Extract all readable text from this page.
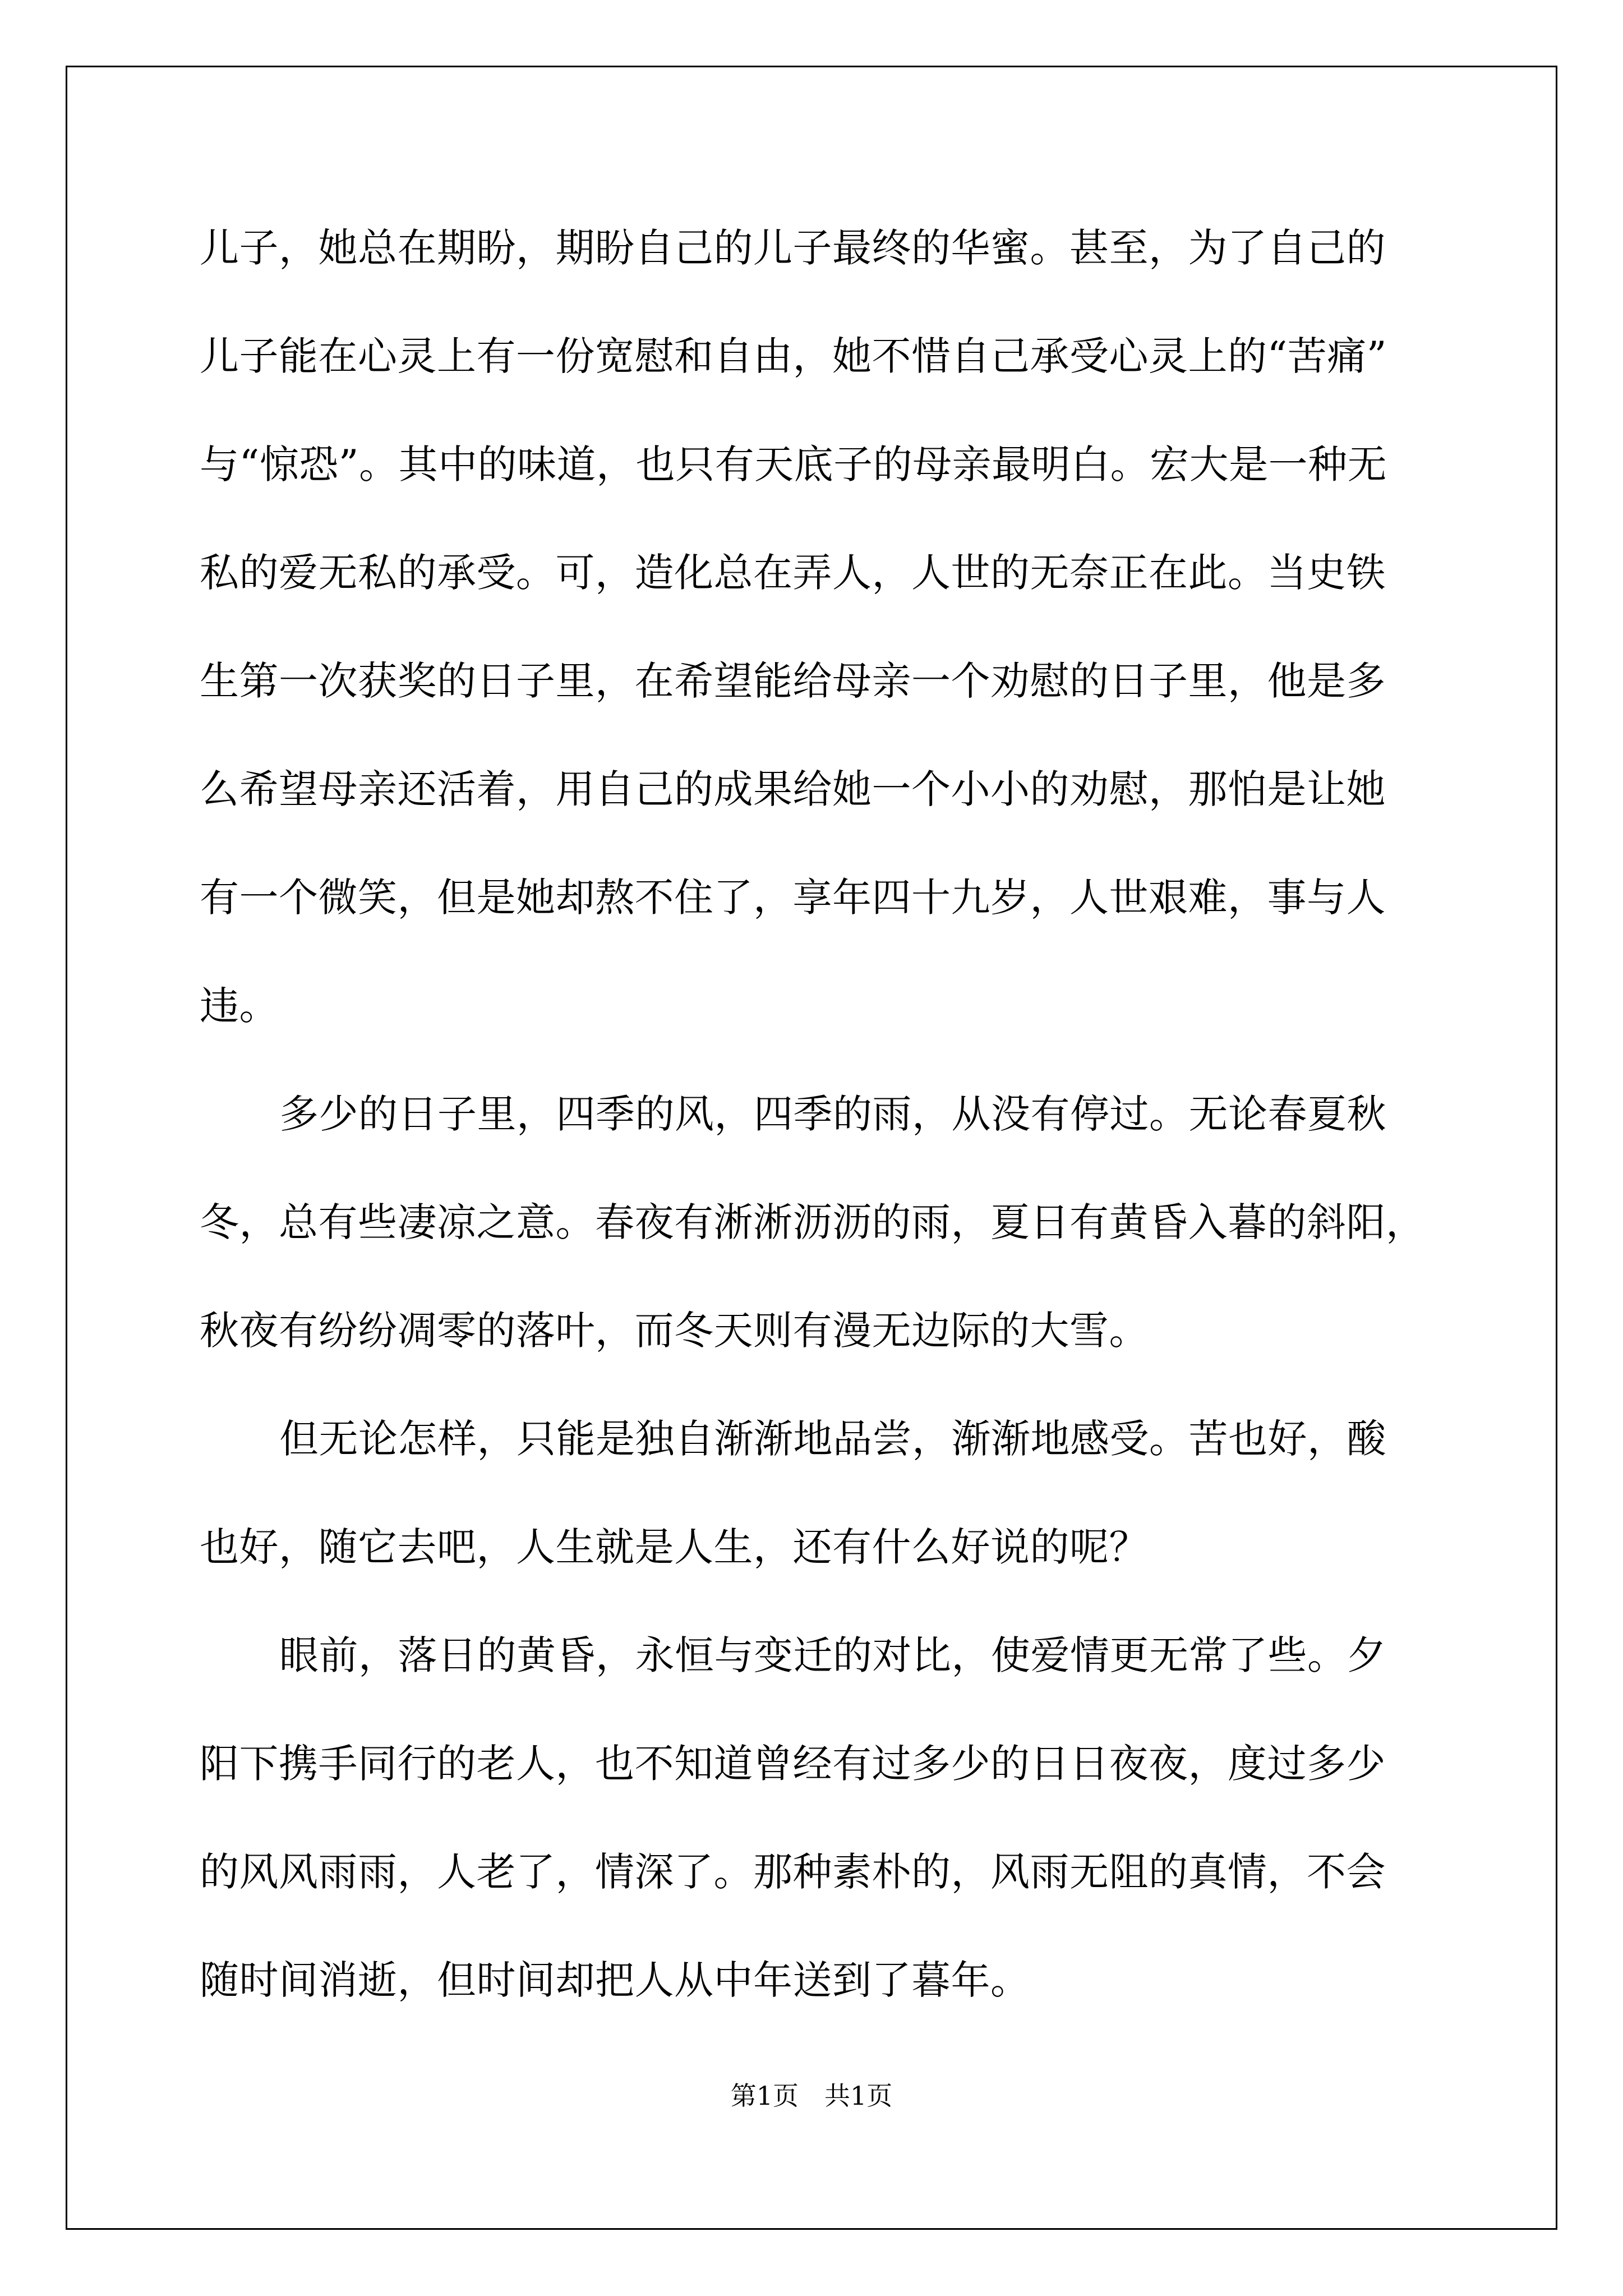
儿子，她总在期盼，期盼自己的儿子最终的华蜜。甚至，为了自己的
儿子能在心灵上有一份宽慰和自由，她不惜自己承受心灵上的“苦痛”
与“惊恐”。其中的味道，也只有天底子的母亲最明白。宏大是一种无
私的爱无私的承受。可，造化总在弄人，人世的无奈正在此。当史铁
生第一次获奖的日子里，在希望能给母亲一个劝慰的日子里，他是多
么希望母亲还活着，用自己的成果给她一个小小的劝慰，那怕是让她
有一个微笑，但是她却熬不住了，享年四十九岁，人世艰难，事与人
违。
多少的日子里，四季的风，四季的雨，从没有停过。无论春夏秋
冬，总有些凄凉之意。春夜有淅淅沥沥的雨，夏日有黄昏入暮的斜阳，
秋夜有纷纷凋零的落叶，而冬天则有漫无边际的大雪。
但无论怎样，只能是独自渐渐地品尝，渐渐地感受。苦也好，酸
也好，随它去吧，人生就是人生，还有什么好说的呢？
眼前，落日的黄昏，永恒与变迁的对比，使爱情更无常了些。夕
阳下携手同行的老人，也不知道曾经有过多少的日日夜夜，度过多少
的风风雨雨，人老了，情深了。那种素朴的，风雨无阻的真情，不会
随时间消逝，但时间却把人从中年送到了暮年。
第1页　共1页
